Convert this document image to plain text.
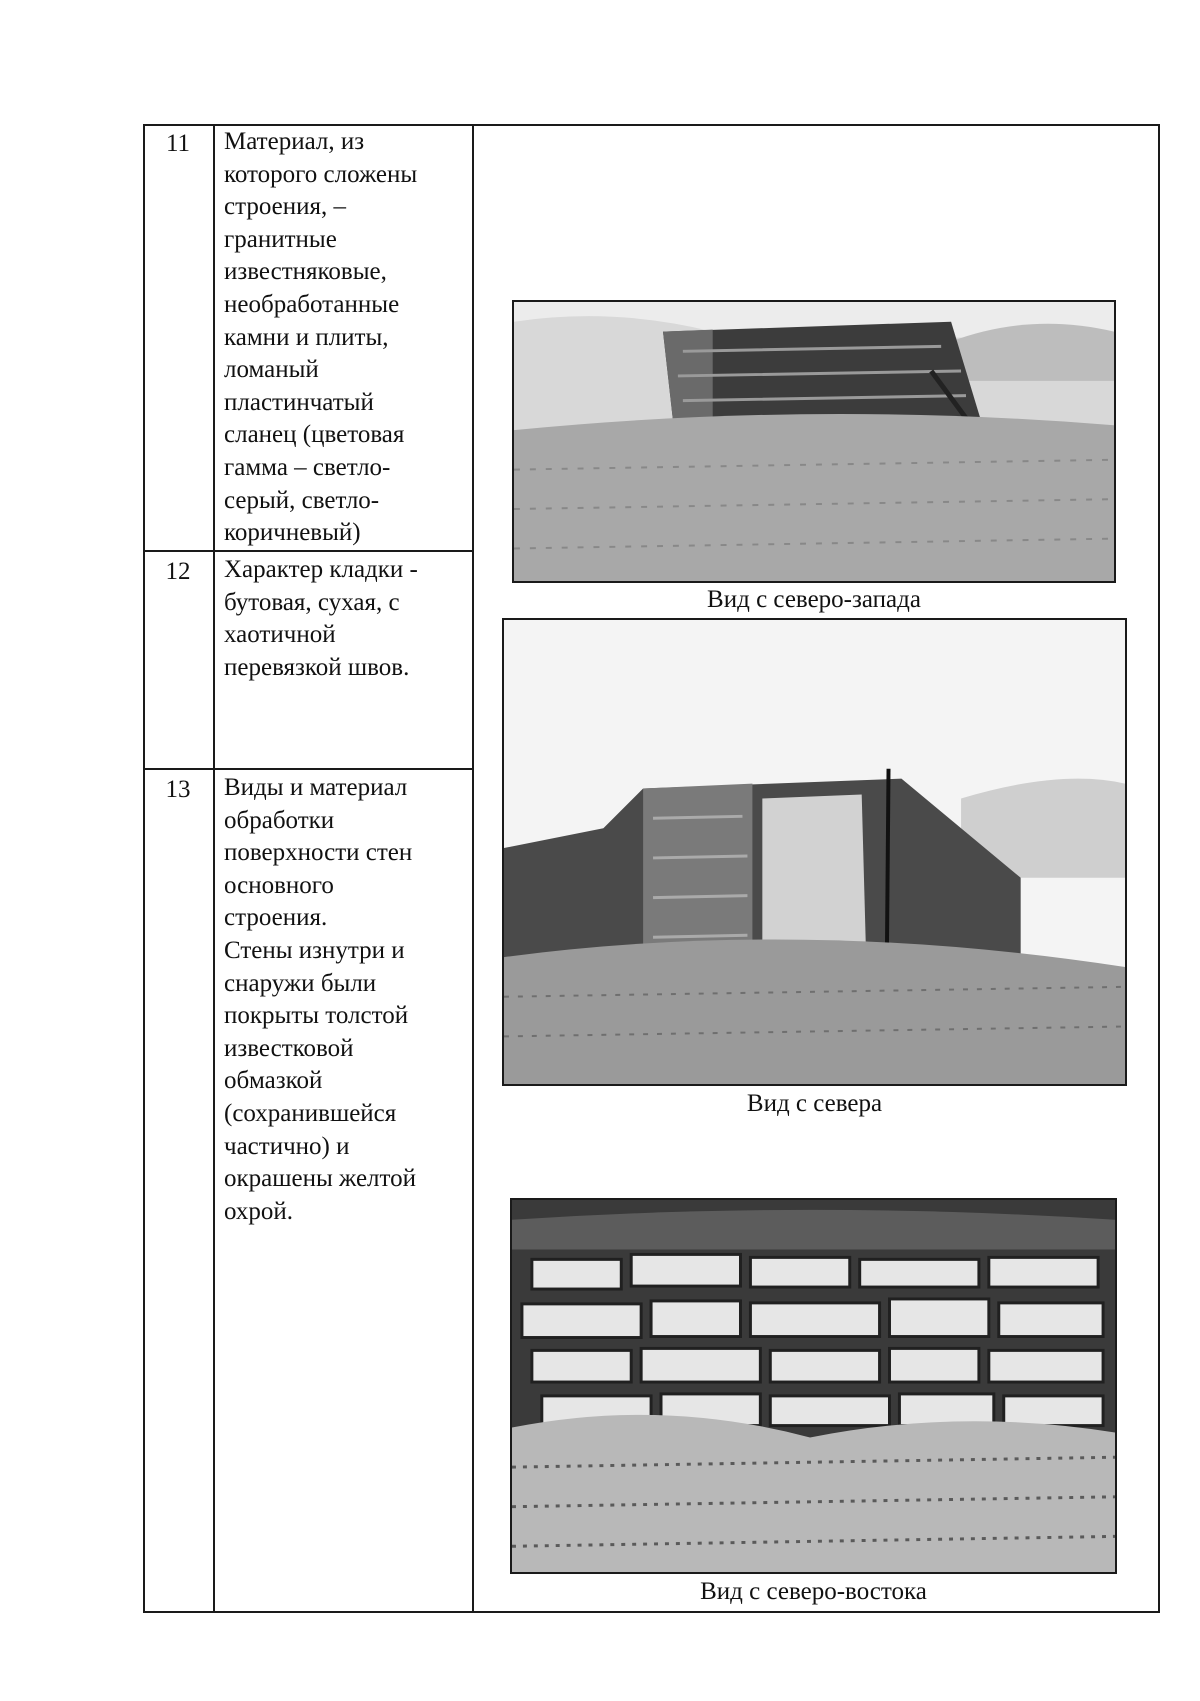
11	Материал, из
которого сложены
строения, –
гранитные
известняковые,
необработанные
камни и плиты,
ломаный
пластинчатый
сланец (цветовая
гамма – светло-
серый, светло-
коричневый)
12	Характер кладки -
бутовая, сухая, с
хаотичной
перевязкой швов.
13	Виды и материал
обработки
поверхности стен
основного
строения.
Стены изнутри и
снаружи были
покрыты толстой
известковой
обмазкой
(сохранившейся
частично) и
окрашены желтой
охрой.
Вид с северо-запада
Вид с севера
Вид с северо-востока
